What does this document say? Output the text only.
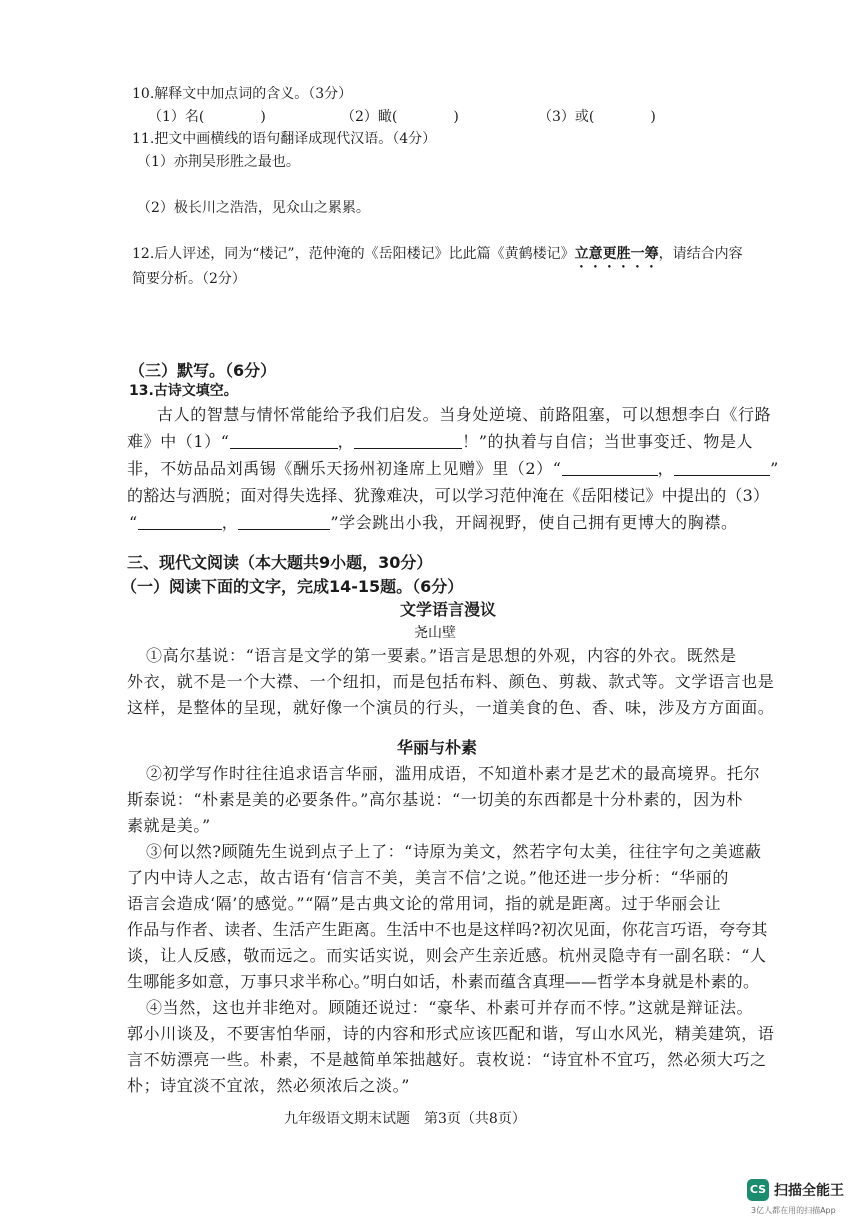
10.解释文中加点词的含义。（3分）
（1）名(　　　　)	（2）瞰(　　　　)	（3）或(　　　　)
11.把文中画横线的语句翻译成现代汉语。（4分）
（1）亦荆吴形胜之最也。
（2）极长川之浩浩，见众山之累累。
12.后人评述，同为“楼记”，范仲淹的《岳阳楼记》比此篇《黄鹤楼记》立意更胜一筹，请结合内容
简要分析。（2分）
（三）默写。（6分）
13.古诗文填空。
古人的智慧与情怀常能给予我们启发。当身处逆境、前路阻塞，可以想想李白《行路
难》中（1）“	，	！”的执着与自信；当世事变迁、物是人
非，不妨品品刘禹锡《酬乐天扬州初逢席上见赠》里（2）“	，	”
的豁达与洒脱；面对得失选择、犹豫难决，可以学习范仲淹在《岳阳楼记》中提出的（3）
“	，	”学会跳出小我，开阔视野，使自己拥有更博大的胸襟。
三、现代文阅读（本大题共9小题，30分）
（一）阅读下面的文字，完成14-15题。（6分）
文学语言漫议
尧山壁
①高尔基说：“语言是文学的第一要素。”语言是思想的外观，内容的外衣。既然是
外衣，就不是一个大襟、一个纽扣，而是包括布料、颜色、剪裁、款式等。文学语言也是
这样，是整体的呈现，就好像一个演员的行头，一道美食的色、香、味，涉及方方面面。
华丽与朴素
②初学写作时往往追求语言华丽，滥用成语，不知道朴素才是艺术的最高境界。托尔
斯泰说：“朴素是美的必要条件。”高尔基说：“一切美的东西都是十分朴素的，因为朴
素就是美。”
③何以然?顾随先生说到点子上了：“诗原为美文，然若字句太美，往往字句之美遮蔽
了内中诗人之志，故古语有‘信言不美，美言不信’之说。”他还进一步分析：“华丽的
语言会造成‘隔’的感觉。”“隔”是古典文论的常用词，指的就是距离。过于华丽会让
作品与作者、读者、生活产生距离。生活中不也是这样吗?初次见面，你花言巧语，夸夸其
谈，让人反感，敬而远之。而实话实说，则会产生亲近感。杭州灵隐寺有一副名联：“人
生哪能多如意，万事只求半称心。”明白如话，朴素而蕴含真理——哲学本身就是朴素的。
④当然，这也并非绝对。顾随还说过：“豪华、朴素可并存而不悖。”这就是辩证法。
郭小川谈及，不要害怕华丽，诗的内容和形式应该匹配和谐，写山水风光，精美建筑，语
言不妨漂亮一些。朴素，不是越简单笨拙越好。袁枚说：“诗宜朴不宜巧，然必须大巧之
朴；诗宜淡不宜浓，然必须浓后之淡。”
九年级语文期末试题　第3页（共8页）
CS 扫描全能王
3亿人都在用的扫描App
